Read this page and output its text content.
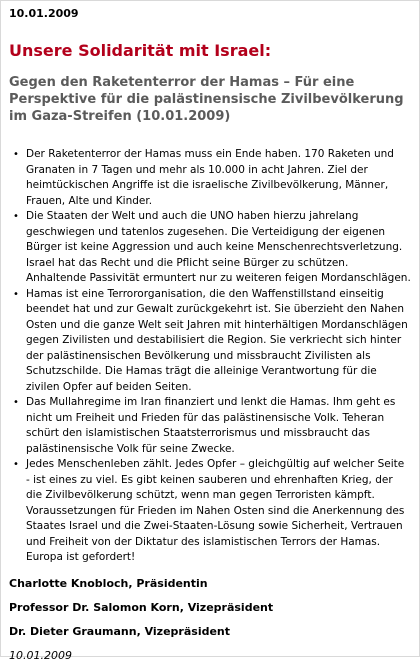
10.01.2009

Unsere Solidarität mit Israel:
Gegen den Raketenterror der Hamas – Für eine Perspektive für die palästinensische Zivilbevölkerung im Gaza-Streifen (10.01.2009)
• Der Raketenterror der Hamas muss ein Ende haben. 170 Raketen und Granaten in 7 Tagen und mehr als 10.000 in acht Jahren. Ziel der heimtückischen Angriffe ist die israelische Zivilbevölkerung, Männer, Frauen, Alte und Kinder.
• Die Staaten der Welt und auch die UNO haben hierzu jahrelang geschwiegen und tatenlos zugesehen. Die Verteidigung der eigenen Bürger ist keine Aggression und auch keine Menschenrechtsverletzung. Israel hat das Recht und die Pflicht seine Bürger zu schützen. Anhaltende Passivität ermuntert nur zu weiteren feigen Mordanschlägen.
• Hamas ist eine Terrororganisation, die den Waffenstillstand einseitig beendet hat und zur Gewalt zurückgekehrt ist. Sie überzieht den Nahen Osten und die ganze Welt seit Jahren mit hinterhältigen Mordanschlägen gegen Zivilisten und destabilisiert die Region. Sie verkriecht sich hinter der palästinensischen Bevölkerung und missbraucht Zivilisten als Schutzschilde. Die Hamas trägt die alleinige Verantwortung für die zivilen Opfer auf beiden Seiten.
• Das Mullahregime im Iran finanziert und lenkt die Hamas. Ihm geht es nicht um Freiheit und Frieden für das palästinensische Volk. Teheran schürt den islamistischen Staatsterrorismus und missbraucht das palästinensische Volk für seine Zwecke.
• Jedes Menschenleben zählt. Jedes Opfer – gleichgültig auf welcher Seite - ist eines zu viel. Es gibt keinen sauberen und ehrenhaften Krieg, der die Zivilbevölkerung schützt, wenn man gegen Terroristen kämpft. Voraussetzungen für Frieden im Nahen Osten sind die Anerkennung des Staates Israel und die Zwei-Staaten-Lösung sowie Sicherheit, Vertrauen und Freiheit von der Diktatur des islamistischen Terrors der Hamas. Europa ist gefordert!

Charlotte Knobloch, Präsidentin

Professor Dr. Salomon Korn, Vizepräsident

Dr. Dieter Graumann, Vizepräsident

10.01.2009
